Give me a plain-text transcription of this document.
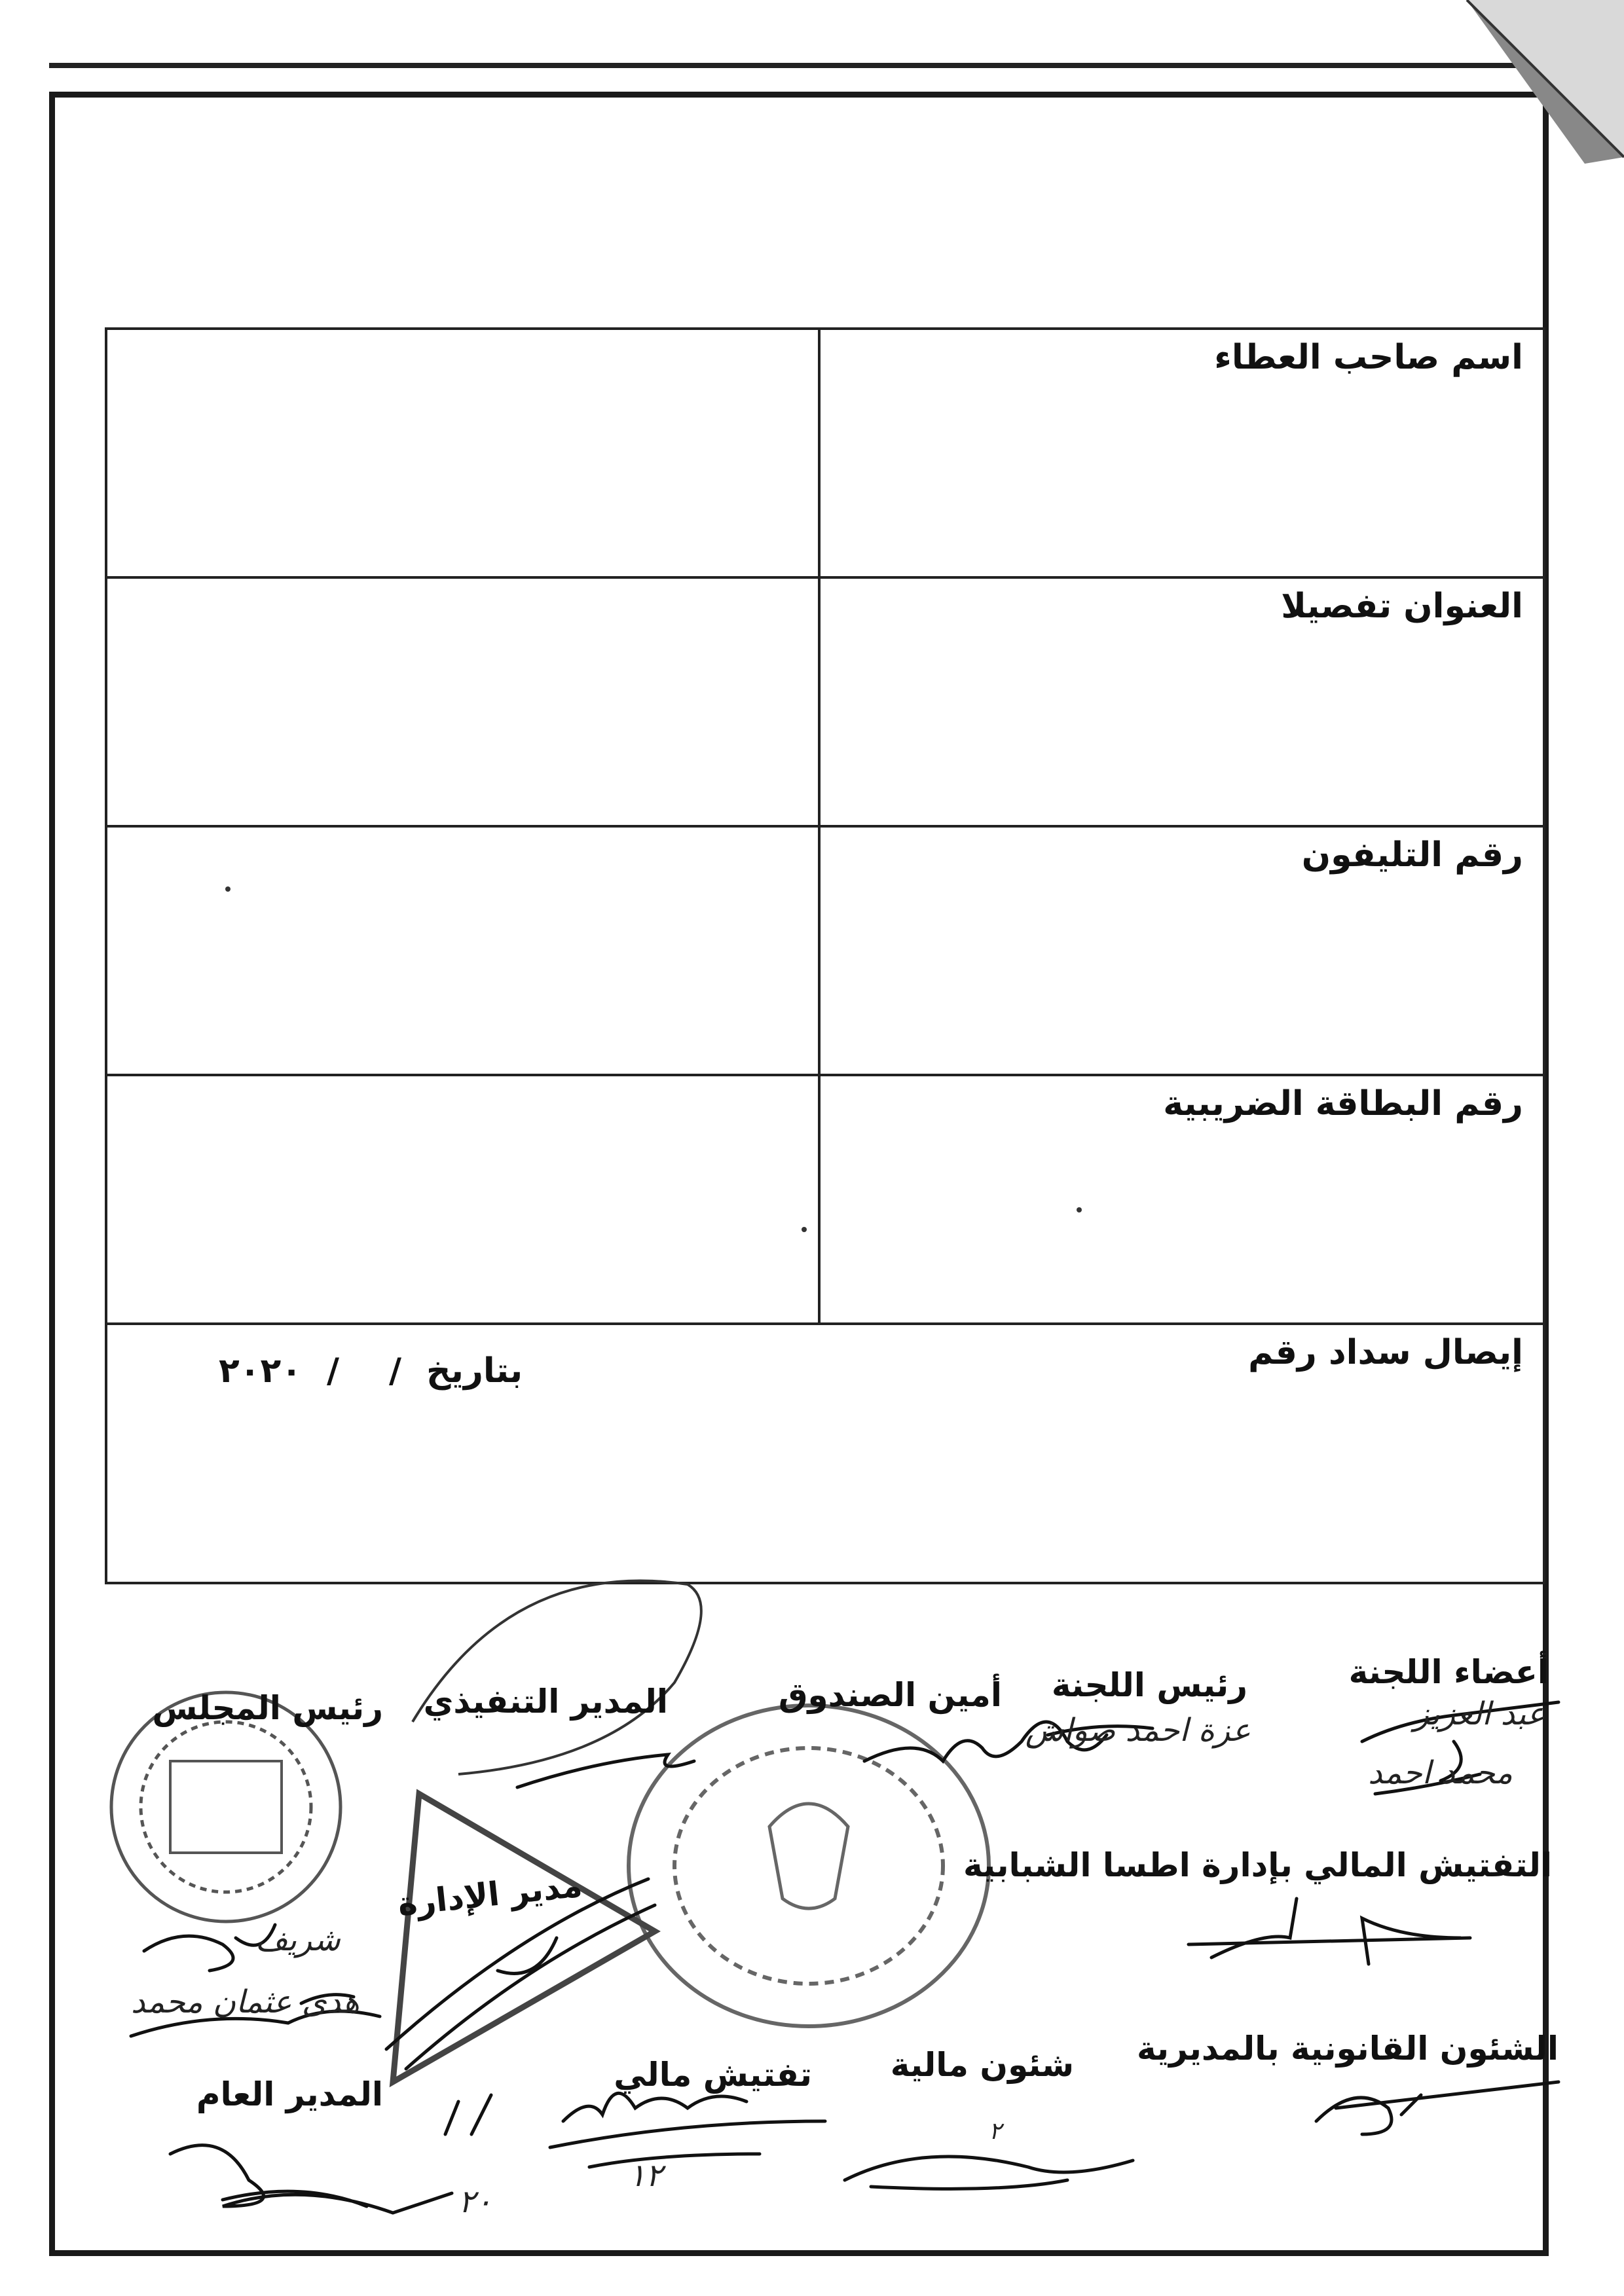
اسم صاحب العطاء
العنوان تفصيلا
رقم التليفون
رقم البطاقة الضريبية
إيصال سداد رقم
بتاريخ//٢٠٢٠
أعضاء اللجنة
رئيس اللجنة
أمين الصندوق
المدير التنفيذي
رئيس المجلس
التفتيش المالي بإدارة اطسا الشبابية
الشئون القانونية بالمديرية
شئون مالية
تفتيش مالي
المدير العام
مدير الإدارة
عزة احمد صواش	عبد العزيز
محمد احمد
شريف
هدى عثمان محمد
٢
١٢
٢٠
